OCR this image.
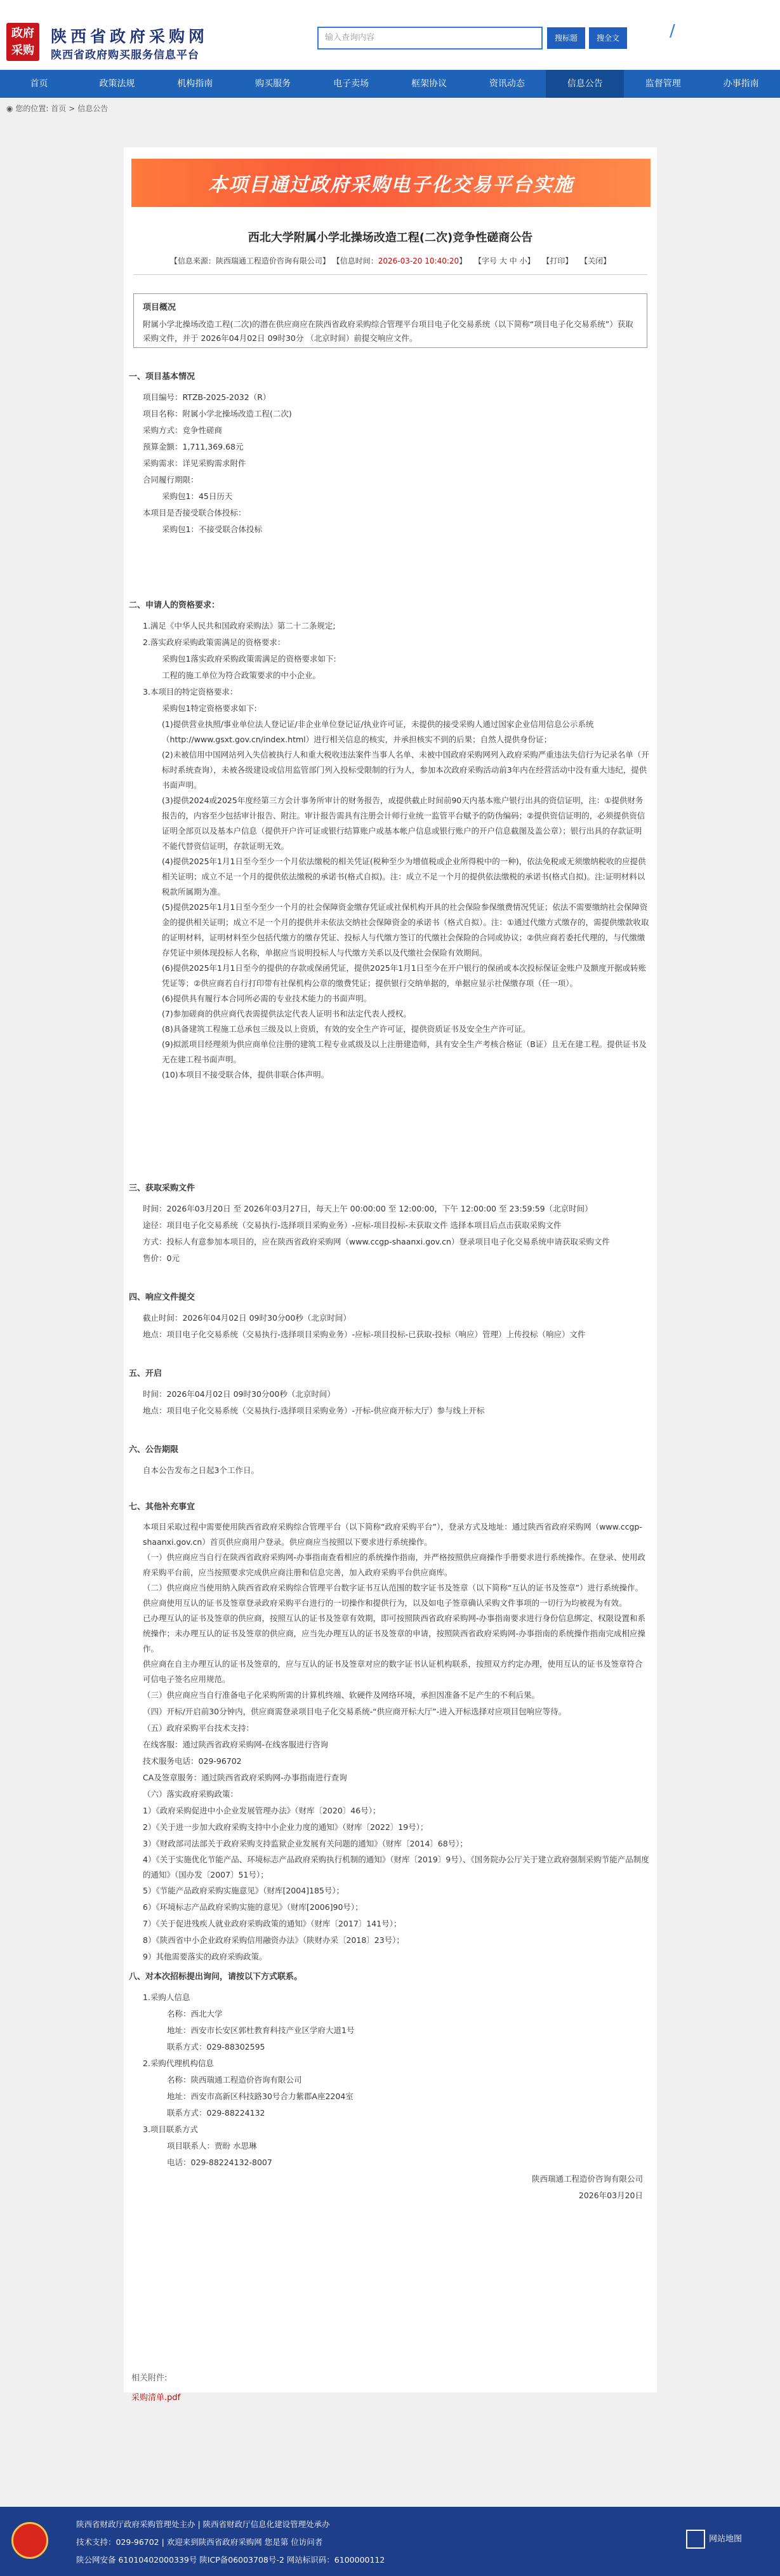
政府采购
陕西省政府采购网
陕西省政府购买服务信息平台
输入查询内容	搜标题	搜全文	/
首页	政策法规	机构指南	购买服务	电子卖场	框架协议	资讯动态	信息公告	监督管理	办事指南
◉ 您的位置: 首页 > 信息公告
本项目通过政府采购电子化交易平台实施
西北大学附属小学北操场改造工程(二次)竞争性磋商公告
【信息来源：陕西瑞通工程造价咨询有限公司】 【信息时间：2026-03-20 10:40:20】 【字号 大 中 小】 【打印】 【关闭】
项目概况

附属小学北操场改造工程(二次)的潜在供应商应在陕西省政府采购综合管理平台项目电子化交易系统（以下简称“项目电子化交易系统”）获取

采购文件，并于 2026年04月02日 09时30分 （北京时间）前提交响应文件。

一、项目基本情况
项目编号：RTZB-2025-2032（R）
项目名称：附属小学北操场改造工程(二次)
采购方式：竞争性磋商
预算金额：1,711,369.68元
采购需求：详见采购需求附件
合同履行期限：
采购包1：45日历天
本项目是否接受联合体投标：
采购包1：不接受联合体投标
二、申请人的资格要求：
1.满足《中华人民共和国政府采购法》第二十二条规定;
2.落实政府采购政策需满足的资格要求：
采购包1落实政府采购政策需满足的资格要求如下:
工程的施工单位为符合政策要求的中小企业。
3.本项目的特定资格要求：
采购包1特定资格要求如下:
(1)提供营业执照/事业单位法人登记证/非企业单位登记证/执业许可证，未提供的接受采购人通过国家企业信用信息公示系统（http://www.gsxt.gov.cn/index.html）进行相关信息的核实，并承担核实不到的后果；自然人提供身份证；
(2)未被信用中国网站列入失信被执行人和重大税收违法案件当事人名单、未被中国政府采购网列入政府采购严重违法失信行为记录名单（开标时系统查询），未被各级建设或信用监管部门列入投标受限制的行为人，参加本次政府采购活动前3年内在经营活动中没有重大违纪，提供书面声明。
(3)提供2024或2025年度经第三方会计事务所审计的财务报告，或提供截止时间前90天内基本账户银行出具的资信证明，注：①提供财务报告的，内容至少包括审计报告、附注。审计报告需具有注册会计师行业统一监管平台赋予的防伪编码；②提供资信证明的，必须提供资信证明全部页以及基本户信息（提供开户许可证或银行结算账户或基本帐户信息或银行账户的开户信息截图及盖公章）；银行出具的存款证明不能代替资信证明，存款证明无效。
(4)提供2025年1月1日至今至少一个月依法缴税的相关凭证(税种至少为增值税或企业所得税中的一种)，依法免税或无须缴纳税收的应提供相关证明；成立不足一个月的提供依法缴税的承诺书(格式自拟)。注：成立不足一个月的提供依法缴税的承诺书(格式自拟)。注:证明材料以税款所属期为准。
(5)提供2025年1月1日至今至少一个月的社会保障资金缴存凭证或社保机构开具的社会保险参保缴费情况凭证；依法不需要缴纳社会保障资金的提供相关证明；成立不足一个月的提供并未依法交纳社会保障资金的承诺书（格式自拟）。注：①通过代缴方式缴存的，需提供缴款收取的证明材料，证明材料至少包括代缴方的缴存凭证、投标人与代缴方签订的代缴社会保险的合同或协议；②供应商若委托代理的，与代缴缴存凭证中须体现投标人名称，单据应当说明投标人与代缴方关系以及代缴社会保险有效期间。
(6)提供2025年1月1日至今的提供的存款或保函凭证，提供2025年1月1日至今在开户银行的保函或本次投标保证金账户及额度开据或转账凭证等；②供应商若自行打印带有社保机构公章的缴费凭证；提供银行交纳单据的，单据应显示社保缴存项（任一项）。
(6)提供具有履行本合同所必需的专业技术能力的书面声明。
(7)参加磋商的供应商代表需提供法定代表人证明书和法定代表人授权。
(8)具备建筑工程施工总承包三级及以上资质，有效的安全生产许可证，提供资质证书及安全生产许可证。
(9)拟派项目经理须为供应商单位注册的建筑工程专业贰级及以上注册建造师，具有安全生产考核合格证（B证）且无在建工程。提供证书及无在建工程书面声明。
(10)本项目不接受联合体，提供非联合体声明。
三、获取采购文件
时间：2026年03月20日 至 2026年03月27日，每天上午 00:00:00 至 12:00:00，下午 12:00:00 至 23:59:59（北京时间）
途径：项目电子化交易系统（交易执行-选择项目采购业务）-应标-项目投标-未获取文件 选择本项目后点击获取采购文件
方式：投标人有意参加本项目的，应在陕西省政府采购网（www.ccgp-shaanxi.gov.cn）登录项目电子化交易系统申请获取采购文件
售价：0元
四、响应文件提交
截止时间：2026年04月02日 09时30分00秒（北京时间）
地点：项目电子化交易系统（交易执行-选择项目采购业务）-应标-项目投标-已获取-投标（响应）管理）上传投标（响应）文件
五、开启
时间：2026年04月02日 09时30分00秒（北京时间）
地点：项目电子化交易系统（交易执行-选择项目采购业务）-开标-供应商开标大厅）参与线上开标
六、公告期限
自本公告发布之日起3个工作日。
七、其他补充事宜
本项目采取过程中需要使用陕西省政府采购综合管理平台（以下简称“政府采购平台”），登录方式及地址：通过陕西省政府采购网（www.ccgp-shaanxi.gov.cn）首页供应商用户登录。供应商应当按照以下要求进行系统操作。
（一）供应商应当自行在陕西省政府采购网-办事指南查看相应的系统操作指南，并严格按照供应商操作手册要求进行系统操作。在登录、使用政府采购平台前，应当按照要求完成供应商注册和信息完善，加入政府采购平台供应商库。
（二）供应商应当使用纳入陕西省政府采购综合管理平台数字证书互认范围的数字证书及签章（以下简称“互认的证书及签章”）进行系统操作。供应商使用互认的证书及签章登录政府采购平台进行的一切操作和提供行为，以及如电子签章确认采购文件事项的一切行为均被视为有效。
已办理互认的证书及签章的供应商，按照互认的证书及签章有效期，即可按照陕西省政府采购网-办事指南要求进行身份信息绑定、权限设置和系统操作；未办理互认的证书及签章的供应商，应当先办理互认的证书及签章的申请，按照陕西省政府采购网-办事指南的系统操作指南完成相应操作。
供应商在自主办理互认的证书及签章的，应与互认的证书及签章对应的数字证书认证机构联系，按照双方约定办理，使用互认的证书及签章符合可信电子签名应用规范。
（三）供应商应当自行准备电子化采购所需的计算机终端、软硬件及网络环境，承担因准备不足产生的不利后果。
（四）开标/开启前30分钟内，供应商需登录项目电子化交易系统-“供应商开标大厅”-进入开标选择对应项目包响应等待。
（五）政府采购平台技术支持：
在线客服：通过陕西省政府采购网-在线客服进行咨询
技术服务电话：029-96702
CA及签章服务：通过陕西省政府采购网-办事指南进行查询
（六）落实政府采购政策：
1）《政府采购促进中小企业发展管理办法》（财库〔2020〕46号）；
2）《关于进一步加大政府采购支持中小企业力度的通知》（财库〔2022〕19号）；
3）《财政部司法部关于政府采购支持监狱企业发展有关问题的通知》（财库〔2014〕68号）；
4）《关于实施优化节能产品、环境标志产品政府采购执行机制的通知》（财库〔2019〕9号）、《国务院办公厅关于建立政府强制采购节能产品制度的通知》（国办发〔2007〕51号）；
5）《节能产品政府采购实施意见》（财库[2004]185号）；
6）《环境标志产品政府采购实施的意见》（财库[2006]90号）；
7）《关于促进残疾人就业政府采购政策的通知》（财库〔2017〕141号）；
8）《陕西省中小企业政府采购信用融资办法》（陕财办采〔2018〕23号）；
9）其他需要落实的政府采购政策。
八、对本次招标提出询问，请按以下方式联系。
1.采购人信息
名称：西北大学
地址：西安市长安区郭杜教育科技产业区学府大道1号
联系方式：029-88302595
2.采购代理机构信息
名称：陕西瑞通工程造价咨询有限公司
地址：西安市高新区科技路30号合力紫郡A座2204室
联系方式：029-88224132
3.项目联系方式
项目联系人：贾盼 水思琳
电话：029-88224132-8007
陕西瑞通工程造价咨询有限公司
2026年03月20日
相关附件:
采购清单.pdf
陕西省财政厅政府采购管理处主办 | 陕西省财政厅信息化建设管理处承办
技术支持：029-96702 | 欢迎来到陕西省政府采购网 您是第 位访问者
陕公网安备 61010402000339号 陕ICP备06003708号-2 网站标识码：6100000112
网站地图
